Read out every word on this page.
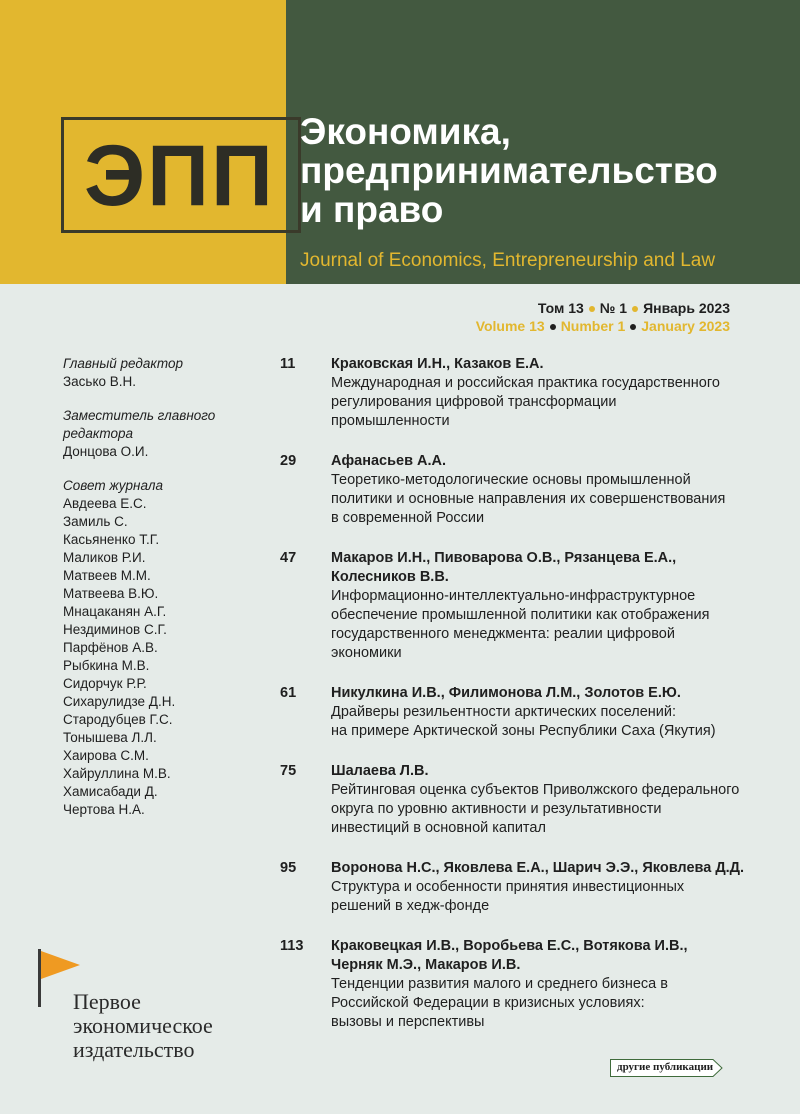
ЭПП Экономика,
предпринимательство
и право
Journal of Economics, Entrepreneurship and Law
Том 13 № 1 Январь 2023
Volume 13 Number 1 January 2023
Главный редактор
Засько В.Н.
Заместитель главного
редактора
Донцова О.И.
Совет журнала
Авдеева Е.С.
Замиль С.
Касьяненко Т.Г.
Маликов Р.И.
Матвеев М.М.
Матвеева В.Ю.
Мнацаканян А.Г.
Нездиминов С.Г.
Парфёнов А.В.
Рыбкина М.В.
Сидорчук Р.Р.
Сихарулидзе Д.Н.
Стародубцев Г.С.
Тонышева Л.Л.
Хаирова С.М.
Хайруллина М.В.
Хамисабади Д.
Чертова Н.А.
11 Краковская И.Н., Казаков Е.А.
Международная и российская практика государственного
регулирования цифровой трансформации
промышленности
29 Афанасьев А.А.
Теоретико-методологические основы промышленной
политики и основные направления их совершенствования
в современной России
47 Макаров И.Н., Пивоварова О.В., Рязанцева Е.А.,
Колесников В.В.
Информационно-интеллектуально-инфраструктурное
обеспечение промышленной политики как отображения
государственного менеджмента: реалии цифровой
экономики
61 Никулкина И.В., Филимонова Л.М., Золотов Е.Ю.
Драйверы резильентности арктических поселений:
на примере Арктической зоны Республики Саха (Якутия)
75 Шалаева Л.В.
Рейтинговая оценка субъектов Приволжского федерального
округа по уровню активности и результативности
инвестиций в основной капитал
95 Воронова Н.С., Яковлева Е.А., Шарич Э.Э., Яковлева Д.Д.
Структура и особенности принятия инвестиционных
решений в хедж-фонде
113 Краковецкая И.В., Воробьева Е.С., Вотякова И.В.,
Черняк М.Э., Макаров И.В.
Тенденции развития малого и среднего бизнеса в
Российской Федерации в кризисных условиях:
вызовы и перспективы
Первое
экономическое
издательство
другие публикации
